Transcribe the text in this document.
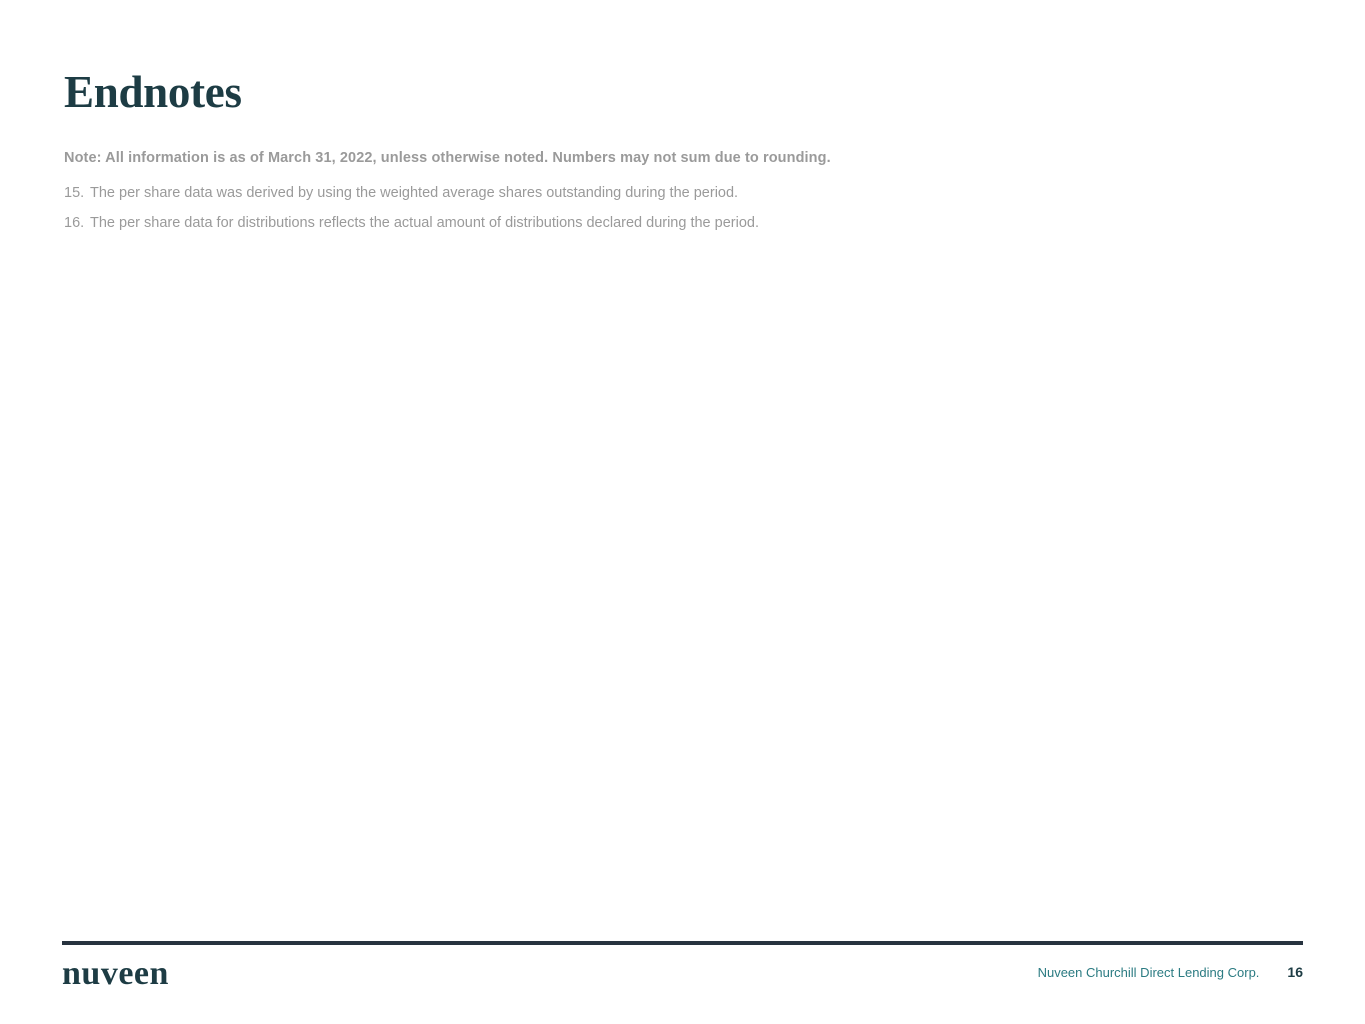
Endnotes
Note: All information is as of March 31, 2022, unless otherwise noted. Numbers may not sum due to rounding.
15. The per share data was derived by using the weighted average shares outstanding during the period.
16. The per share data for distributions reflects the actual amount of distributions declared during the period.
nuveen	Nuveen Churchill Direct Lending Corp. 16
